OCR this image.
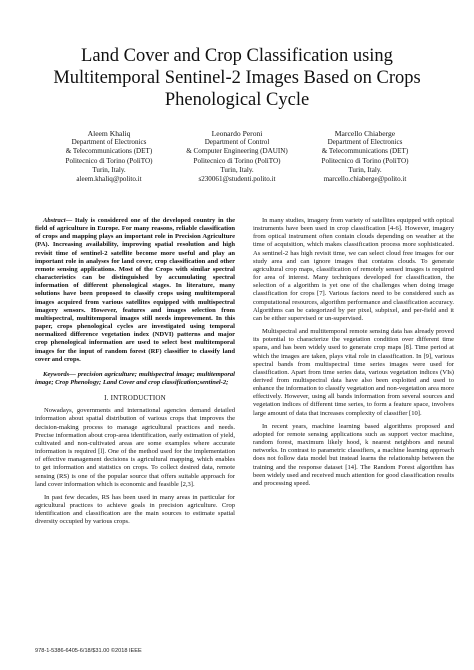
Land Cover and Crop Classification using
Multitemporal Sentinel-2 Images Based on Crops
Phenological Cycle
Aleem Khaliq
Department of Electronics
& Telecommunications (DET)
Politecnico di Torino (PoliTO)
Turin, Italy.
aleem.khaliq@polito.it
Leonardo Peroni
Department of Control
& Computer Engineering (DAUIN)
Politecnico di Torino (PoliTO)
Turin, Italy.
s230061@studenti.polito.it
Marcello Chiaberge
Department of Electronics
& Telecommunications (DET)
Politecnico di Torino (PoliTO)
Turin, Italy.
marcello.chiaberge@polito.it

Abstract— Italy is considered one of the developed country in the field of agriculture in Europe. For many reasons, reliable classification of crops and mapping plays an important role in Precision Agriculture (PA). Increasing availability, improving spatial resolution and high revisit time of sentinel-2 satellite become more useful and play an important role in analyses for land cover, crop classification and other remote sensing applications. Most of the Crops with similar spectral characteristics can be distinguished by accumulating spectral information of different phenological stages. In literature, many solutions have been proposed to classify crops using multitemporal images acquired from various satellites equipped with multispectral imagery sensors. However, features and images selection from multispectral, multitemporal images still needs improvement. In this paper, crops phenological cycles are investigated using temporal normalized difference vegetation index (NDVI) patterns and major crop phenological information are used to select best multitemporal images for the input of random forest (RF) classifier to classify land cover and crops.

Keywords— precision agriculture; multispectral image; multitemporal image; Crop Phenology; Land Cover and crop classification;sentinel-2;

I. INTRODUCTION

Nowadays, governments and international agencies demand detailed information about spatial distribution of various crops that improves the decision-making process to manage agricultural practices and needs. Precise information about crop-area identification, early estimation of yield, cultivated and non-cultivated areas are some examples where accurate information is required [l]. One of the method used for the implementation of effective management decisions is agricultural mapping, which enables to get information and statistics on crops. To collect desired data, remote sensing (RS) is one of the popular source that offers suitable approach for land cover information which is economic and feasible [2,3].

In past few decades, RS has been used in many areas in particular for agricultural practices to achieve goals in precision agriculture. Crop identification and classification are the main sources to estimate spatial diversity occupied by various crops.

In many studies, imagery from variety of satellites equipped with optical instruments have been used in crop classification [4-6]. However, imagery from optical instrument often contain clouds depending on weather at the time of acquisition, which makes classification process more sophisticated. As sentinel-2 has high revisit time, we can select cloud free images for our study area and can ignore images that contains clouds. To generate agricultural crop maps, classification of remotely sensed images is required for area of interest. Many techniques developed for classification, the selection of a algorithm is yet one of the challenges when doing image classification for crops [7]. Various factors need to be considered such as computational resources, algorithm performance and classification accuracy. Algorithms can be categorized by per pixel, subpixel, and per-field and it can be either supervised or un-supervised.

Multispectral and multitemporal remote sensing data has already proved its potential to characterize the vegetation condition over different time spans, and has been widely used to generate crop maps [8]. Time period at which the images are taken, plays vital role in classification. In [9], various spectral bands from multispectral time series images were used for classification. Apart from time series data, various vegetation indices (VIs) derived from multispectral data have also been exploited and used to enhance the information to classify vegetation and non-vegetation area more effectively. However, using all bands information from several sources and vegetation indices of different time series, to form a feature space, involves large amount of data that increases complexity of classifier [10].

In recent years, machine learning based algorithms proposed and adopted for remote sensing applications such as support vector machine, random forest, maximum likely hood, k nearest neighbors and neural networks. In contrast to parametric classifiers, a machine learning approach does not follow data model but instead learns the relationship between the training and the response dataset [14]. The Random Forest algorithm has been widely used and received much attention for good classification results and processing speed.

978-1-5386-6405-6/18/$31.00 ©2018 IEEE
